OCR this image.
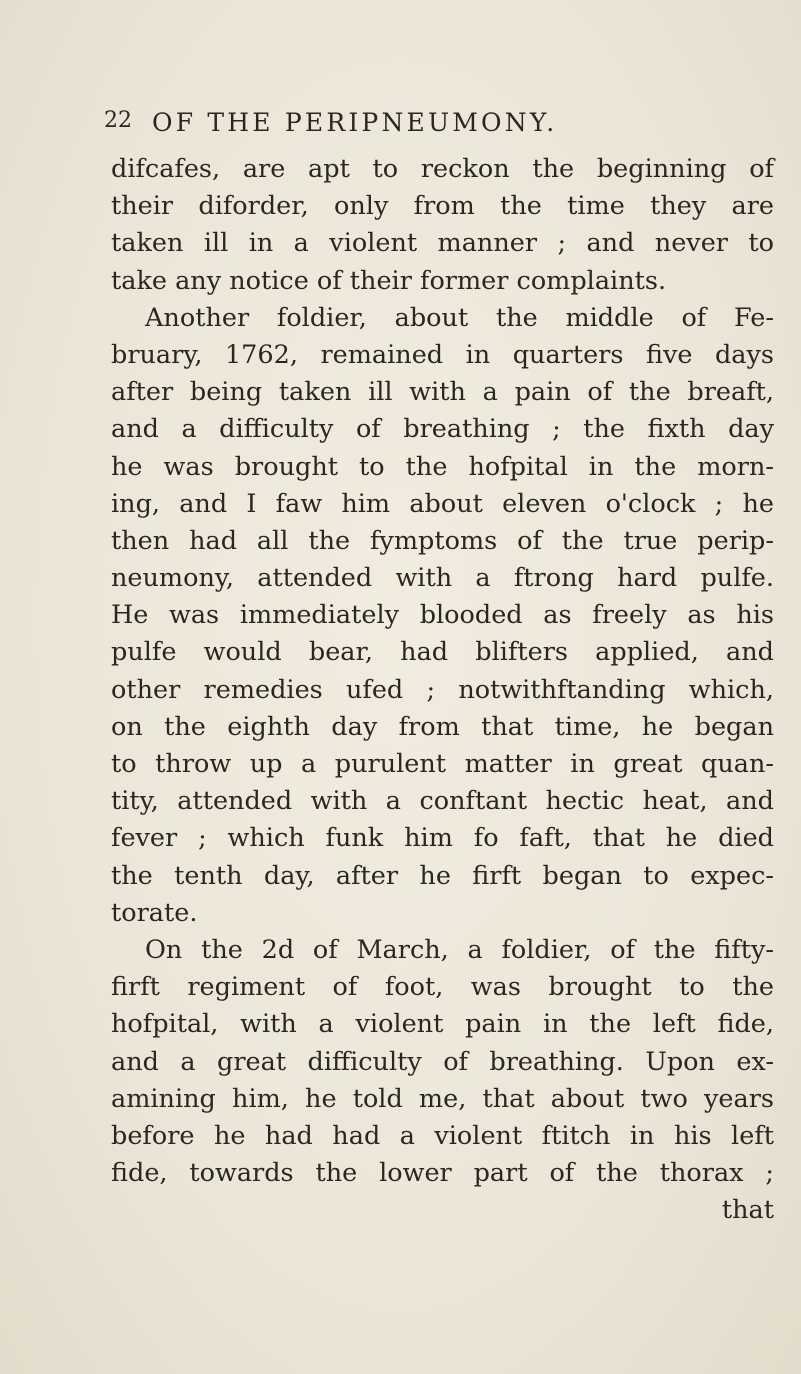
22 OF THE PERIPNEUMONY.
difcafes, are apt to reckon the beginning of
their diforder, only from the time they are
taken ill in a violent manner ; and never to
take any notice of their former complaints.
Another foldier, about the middle of Fe-
bruary, 1762, remained in quarters five days
after being taken ill with a pain of the breaft,
and a difficulty of breathing ; the fixth day
he was brought to the hofpital in the morn-
ing, and I faw him about eleven o'clock ; he
then had all the fymptoms of the true perip-
neumony, attended with a ftrong hard pulfe.
He was immediately blooded as freely as his
pulfe would bear, had blifters applied, and
other remedies ufed ; notwithftanding which,
on the eighth day from that time, he began
to throw up a purulent matter in great quan-
tity, attended with a conftant hectic heat, and
fever ; which funk him fo faft, that he died
the tenth day, after he firft began to expec-
torate.
On the 2d of March, a foldier, of the fifty-
firft regiment of foot, was brought to the
hofpital, with a violent pain in the left fide,
and a great difficulty of breathing. Upon ex-
amining him, he told me, that about two years
before he had had a violent ftitch in his left
fide, towards the lower part of the thorax ;
that
